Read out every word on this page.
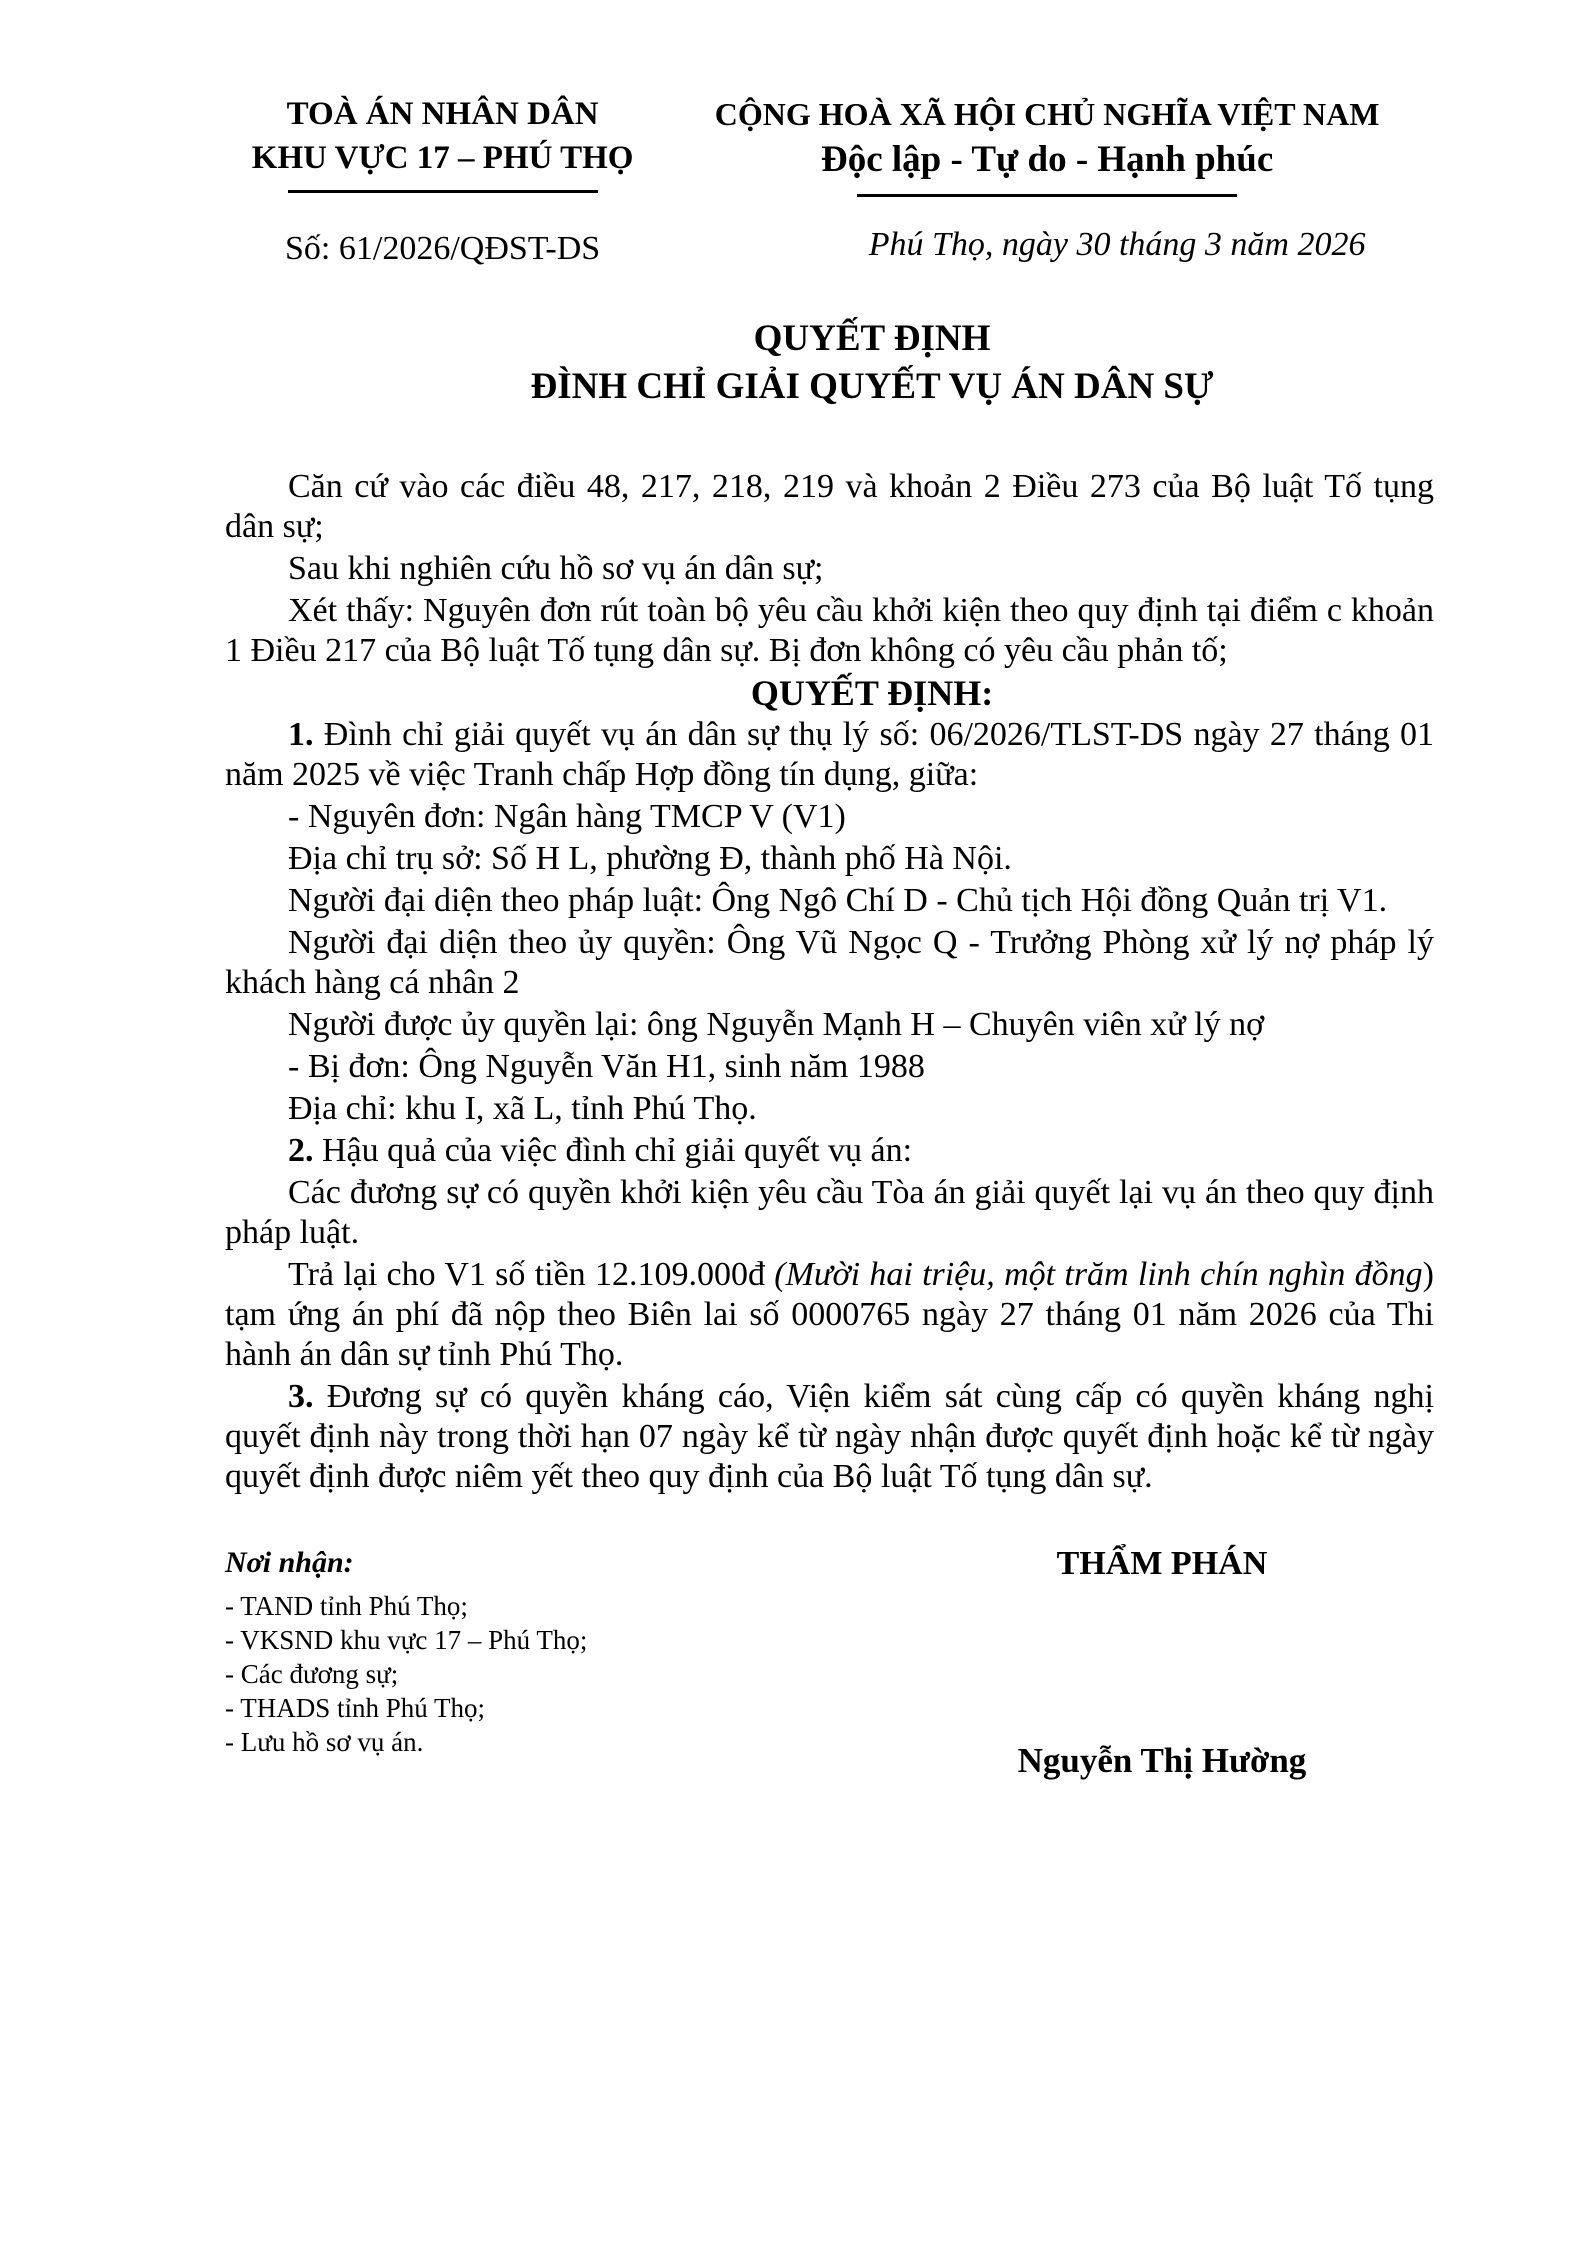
TOÀ ÁN NHÂN DÂN
KHU VỰC 17 – PHÚ THỌ
Số: 61/2026/QĐST-DS
CỘNG HOÀ XÃ HỘI CHỦ NGHĨA VIỆT NAM
Độc lập - Tự do - Hạnh phúc
Phú Thọ, ngày 30 tháng 3 năm 2026
QUYẾT ĐỊNH
ĐÌNH CHỈ GIẢI QUYẾT VỤ ÁN DÂN SỰ

Căn cứ vào các điều 48, 217, 218, 219 và khoản 2 Điều 273 của Bộ luật Tố tụng dân sự;

Sau khi nghiên cứu hồ sơ vụ án dân sự;

Xét thấy: Nguyên đơn rút toàn bộ yêu cầu khởi kiện theo quy định tại điểm c khoản 1 Điều 217 của Bộ luật Tố tụng dân sự. Bị đơn không có yêu cầu phản tố;

QUYẾT ĐỊNH:

1. Đình chỉ giải quyết vụ án dân sự thụ lý số: 06/2026/TLST-DS ngày 27 tháng 01 năm 2025 về việc Tranh chấp Hợp đồng tín dụng, giữa:

- Nguyên đơn: Ngân hàng TMCP V (V1)

Địa chỉ trụ sở: Số H L, phường Đ, thành phố Hà Nội.

Người đại diện theo pháp luật: Ông Ngô Chí D - Chủ tịch Hội đồng Quản trị V1.

Người đại diện theo ủy quyền: Ông Vũ Ngọc Q - Trưởng Phòng xử lý nợ pháp lý khách hàng cá nhân 2

Người được ủy quyền lại: ông Nguyễn Mạnh H – Chuyên viên xử lý nợ

- Bị đơn: Ông Nguyễn Văn H1, sinh năm 1988

Địa chỉ: khu I, xã L, tỉnh Phú Thọ.

2. Hậu quả của việc đình chỉ giải quyết vụ án:

Các đương sự có quyền khởi kiện yêu cầu Tòa án giải quyết lại vụ án theo quy định pháp luật.

Trả lại cho V1 số tiền 12.109.000đ (Mười hai triệu, một trăm linh chín nghìn đồng) tạm ứng án phí đã nộp theo Biên lai số 0000765 ngày 27 tháng 01 năm 2026 của Thi hành án dân sự tỉnh Phú Thọ.

3. Đương sự có quyền kháng cáo, Viện kiểm sát cùng cấp có quyền kháng nghị quyết định này trong thời hạn 07 ngày kể từ ngày nhận được quyết định hoặc kể từ ngày quyết định được niêm yết theo quy định của Bộ luật Tố tụng dân sự.

Nơi nhận:
- TAND tỉnh Phú Thọ;
- VKSND khu vực 17 – Phú Thọ;
- Các đương sự;
- THADS tỉnh Phú Thọ;
- Lưu hồ sơ vụ án.
THẨM PHÁN
Nguyễn Thị Hường
